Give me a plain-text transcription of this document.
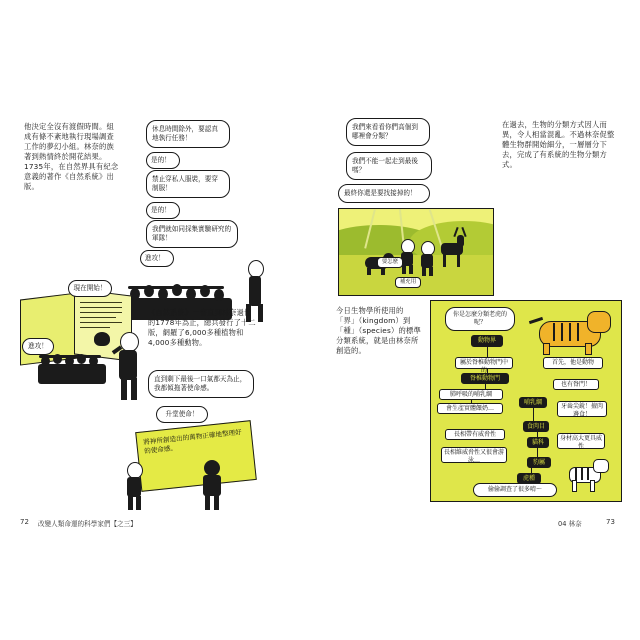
他決定全沒有渡假時間。組成有條不紊地執行現場調查工作的夢幻小組。林奈的族著到熱情終於開花結果。1735年，在自然界具有紀念意義的著作《自然系統》出版。
休息時間除外，要認真地執行任務！
是的！
禁止穿私人服裝，要穿制服！
是的！
我們就如同採集實驗研究的軍隊！
進攻！
現在開始！
進攻！
《自然系統》一書直到林奈過世的1778年為止，總共發行了十二版，網羅了6,000多種植物和4,000多種動物。
直到剩下最後一口氣都天為止，我都傾拖著使命感。
升堂使命！
將神所創造出的萬物正確地整理好的使命感。
72 改變人類命運的科學家們【之三】
在過去，生物的分類方式因人而異，令人相當混亂。不過林奈促整體生物群開始細分，一層層分下去，完成了有系統的生物分類方式。
我們來看看你們高個到哪裡會分類？
我們不能一起走到最後嗎？
最終你還是要找接掉的！
要怎麼
補充用
今日生物學所使用的「界」（kingdom）到「種」（species）的標準分類系統，就是由林奈所創造的。
你是怎麼分類老虎的呢？
動物界
首先，他是動物
屬於脊椎動物門中的
脊椎動物門
肺呼吸的哺乳綱
也有脊門！
會生產實體餵奶…
哺乳綱
牙齒尖銳！擅肉邊食！
食肉目
長相帶有威脅性
貓科
身材高大更具威性
長相維威脅性又很會游泳…	豹屬
虎種
偷偷調查了很多唷～
04 林奈	73
